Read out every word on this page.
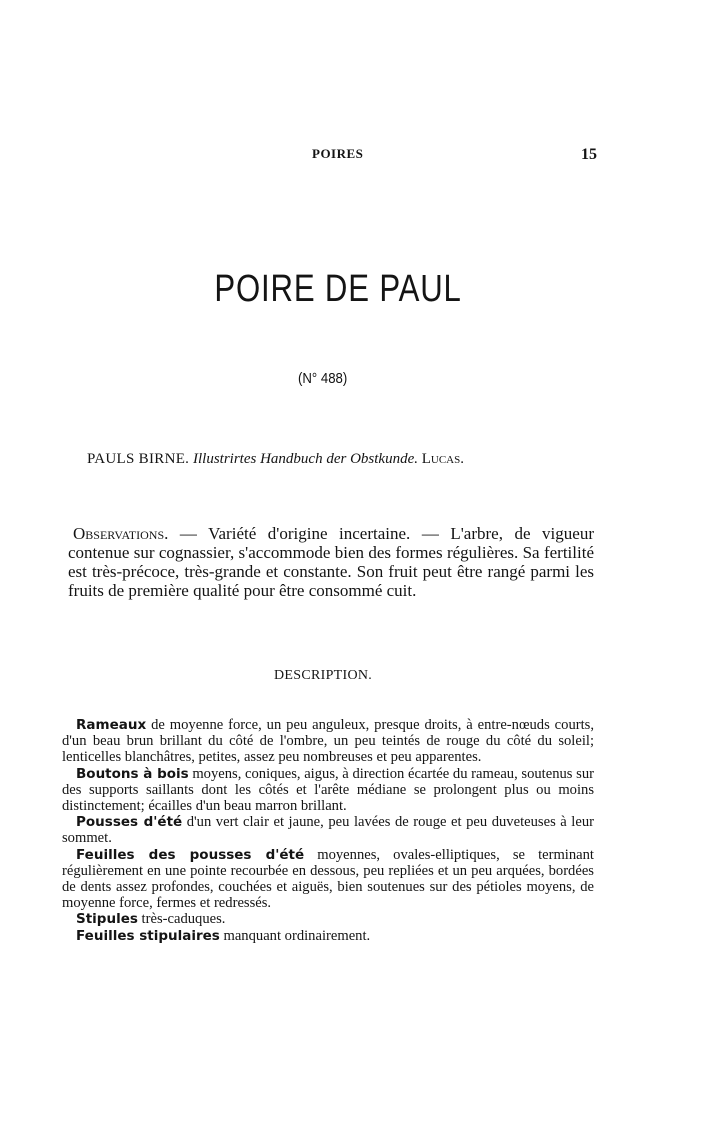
POIRES	15
POIRE DE PAUL
(N° 488)
PAULS BIRNE. Illustrirtes Handbuch der Obstkunde. Lucas.
Observations. — Variété d'origine incertaine. — L'arbre, de vigueur contenue sur cognassier, s'accommode bien des formes régulières. Sa fertilité est très-précoce, très-grande et constante. Son fruit peut être rangé parmi les fruits de première qualité pour être consommé cuit.
DESCRIPTION.

Rameaux de moyenne force, un peu anguleux, presque droits, à entre-nœuds courts, d'un beau brun brillant du côté de l'ombre, un peu teintés de rouge du côté du soleil; lenticelles blanchâtres, petites, assez peu nombreuses et peu apparentes.

Boutons à bois moyens, coniques, aigus, à direction écartée du rameau, soutenus sur des supports saillants dont les côtés et l'arête médiane se prolongent plus ou moins distinctement; écailles d'un beau marron brillant.

Pousses d'été d'un vert clair et jaune, peu lavées de rouge et peu duveteuses à leur sommet.

Feuilles des pousses d'été moyennes, ovales-elliptiques, se terminant régulièrement en une pointe recourbée en dessous, peu repliées et un peu arquées, bordées de dents assez profondes, couchées et aiguës, bien soutenues sur des pétioles moyens, de moyenne force, fermes et redressés.

Stipules très-caduques.

Feuilles stipulaires manquant ordinairement.
